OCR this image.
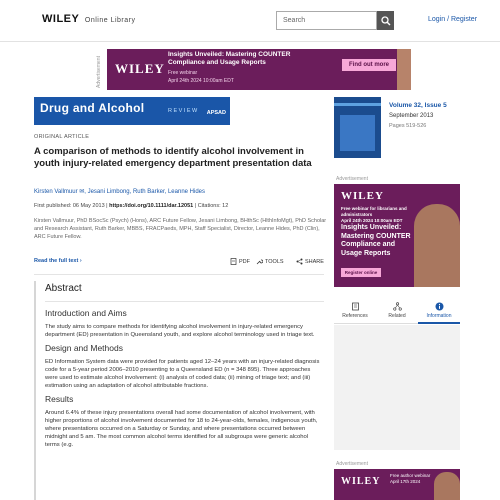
WILEY Online Library	Search	Login / Register
Advertisement WILEY
Insights Unveiled: Mastering COUNTER Compliance and Usage Reports
Free webinar
April 24th 2024 10:00am EDT
Find out more
Drug and Alcohol	REVIEW APSAD
ORIGINAL ARTICLE
A comparison of methods to identify alcohol involvement in youth injury-related emergency department presentation data
Kirsten Vallmuur ✉, Jesani Limbong, Ruth Barker, Leanne Hides
First published: 06 May 2013 | https://doi.org/10.1111/dar.12051 | Citations: 12
Kirsten Vallmuur, PhD BSocSc (Psych) (Hons), ARC Future Fellow, Jesani Limbong, BHthSc (HlthInfoMgt), PhD Scholar and Research Assistant, Ruth Barker, MBBS, FRACPaeds, MPH, Staff Specialist, Director, Leanne Hides, PhD (Clin), ARC Future Fellow.
Read the full text ›	PDF	TOOLS	SHARE
Abstract
Introduction and Aims
The study aims to compare methods for identifying alcohol involvement in injury-related emergency department (ED) presentation in Queensland youth, and explore alcohol terminology used in triage text.
Design and Methods
ED Information System data were provided for patients aged 12–24 years with an injury-related diagnosis code for a 5-year period 2006–2010 presenting to a Queensland ED (n = 348 895). Three approaches were used to estimate alcohol involvement: (i) analysis of coded data; (ii) mining of triage text; and (iii) estimation using an adaptation of alcohol attributable fractions.
Results
Around 6.4% of these injury presentations overall had some documentation of alcohol involvement, with higher proportions of alcohol involvement documented for 18 to 24-year-olds, females, indigenous youth, where presentations occurred on a Saturday or Sunday, and where presentations occurred between midnight and 5 am. The most common alcohol terms identified for all subgroups were generic alcohol terms (e.g.
Volume 32, Issue 5
September 2013
Pages 519-526
Advertisement
WILEY
Free webinar for librarians and administrators
April 24th 2024 10:00am EDT
Insights Unveiled: Mastering COUNTER Compliance and Usage Reports
Register online
References	Related	Information
Advertisement
WILEY
Free author webinar
April 17th 2024
